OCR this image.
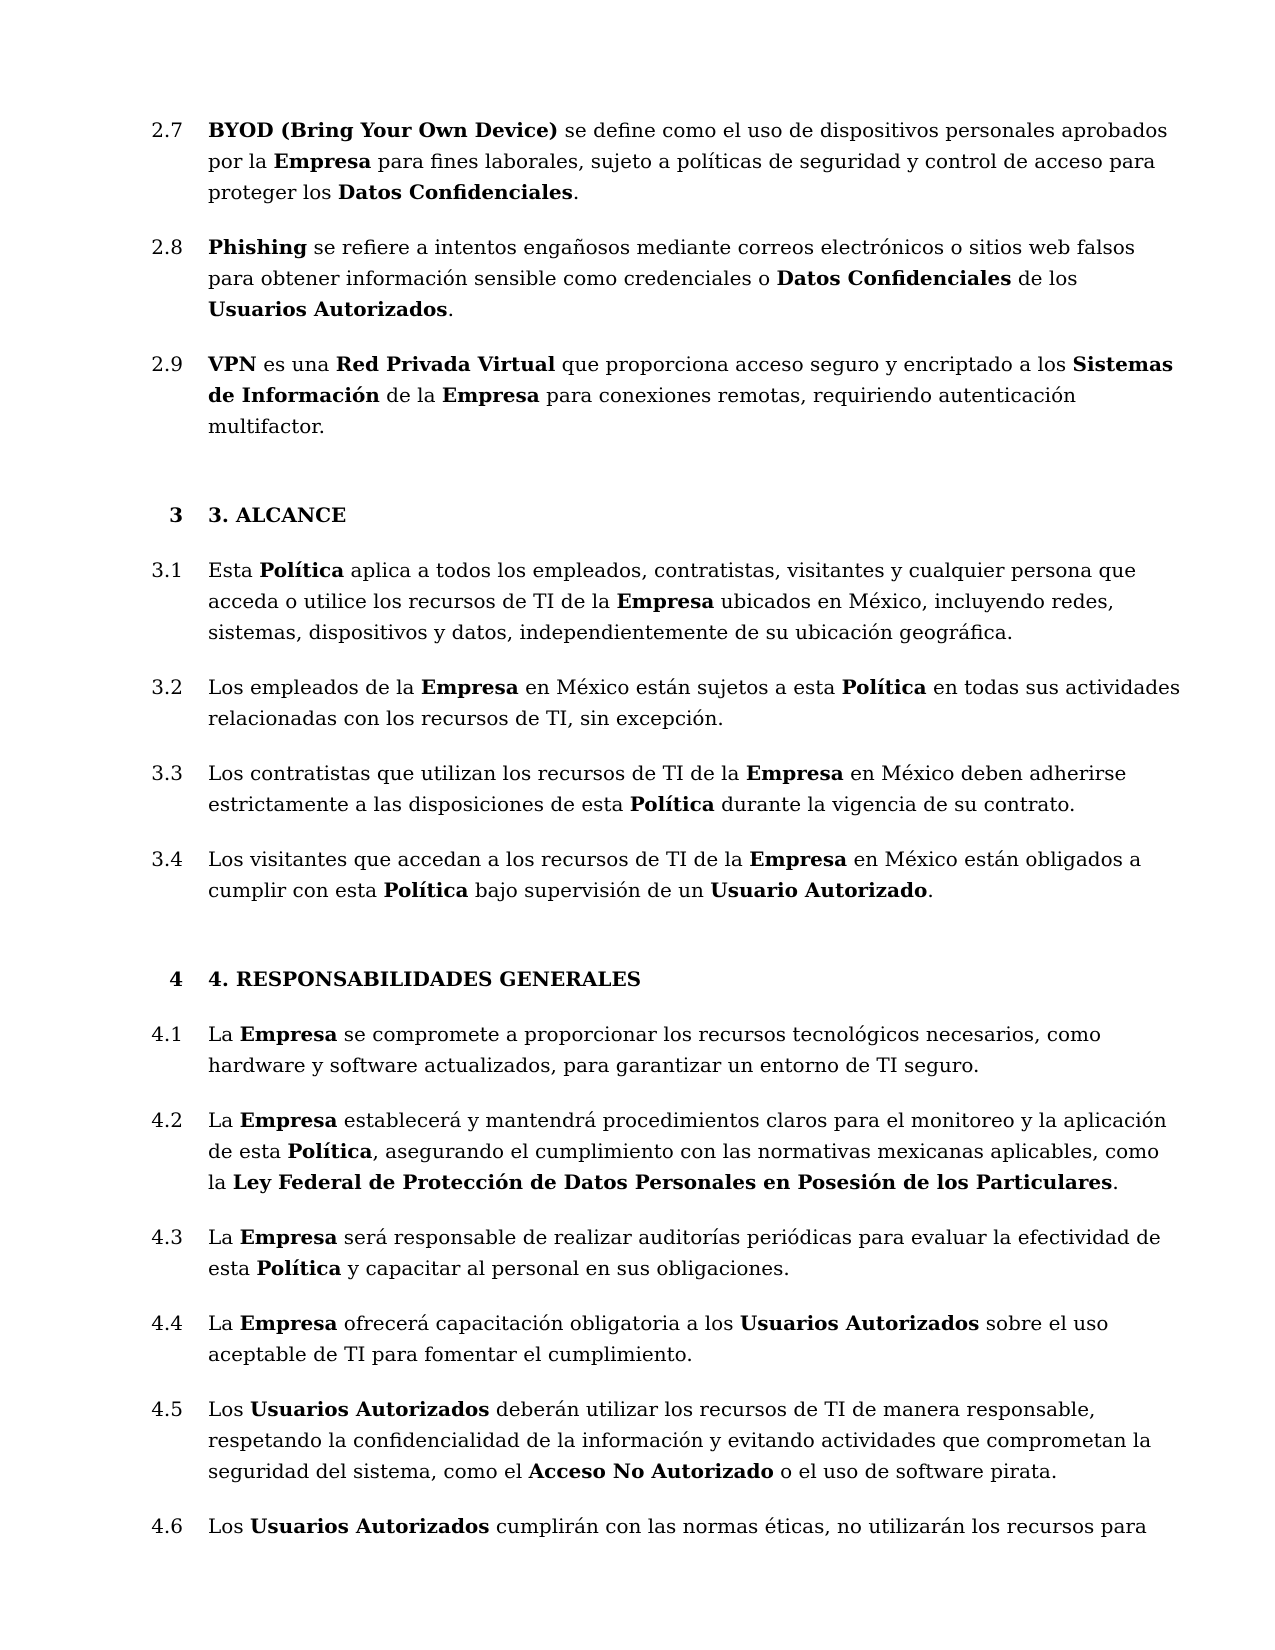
2.7 BYOD (Bring Your Own Device) se define como el uso de dispositivos personales aprobados
por la Empresa para fines laborales, sujeto a políticas de seguridad y control de acceso para
proteger los Datos Confidenciales.
2.8 Phishing se refiere a intentos engañosos mediante correos electrónicos o sitios web falsos
para obtener información sensible como credenciales o Datos Confidenciales de los
Usuarios Autorizados.
2.9 VPN es una Red Privada Virtual que proporciona acceso seguro y encriptado a los Sistemas
de Información de la Empresa para conexiones remotas, requiriendo autenticación
multifactor.
3 3. ALCANCE
3.1 Esta Política aplica a todos los empleados, contratistas, visitantes y cualquier persona que
acceda o utilice los recursos de TI de la Empresa ubicados en México, incluyendo redes,
sistemas, dispositivos y datos, independientemente de su ubicación geográfica.
3.2 Los empleados de la Empresa en México están sujetos a esta Política en todas sus actividades
relacionadas con los recursos de TI, sin excepción.
3.3 Los contratistas que utilizan los recursos de TI de la Empresa en México deben adherirse
estrictamente a las disposiciones de esta Política durante la vigencia de su contrato.
3.4 Los visitantes que accedan a los recursos de TI de la Empresa en México están obligados a
cumplir con esta Política bajo supervisión de un Usuario Autorizado.
4 4. RESPONSABILIDADES GENERALES
4.1 La Empresa se compromete a proporcionar los recursos tecnológicos necesarios, como
hardware y software actualizados, para garantizar un entorno de TI seguro.
4.2 La Empresa establecerá y mantendrá procedimientos claros para el monitoreo y la aplicación
de esta Política, asegurando el cumplimiento con las normativas mexicanas aplicables, como
la Ley Federal de Protección de Datos Personales en Posesión de los Particulares.
4.3 La Empresa será responsable de realizar auditorías periódicas para evaluar la efectividad de
esta Política y capacitar al personal en sus obligaciones.
4.4 La Empresa ofrecerá capacitación obligatoria a los Usuarios Autorizados sobre el uso
aceptable de TI para fomentar el cumplimiento.
4.5 Los Usuarios Autorizados deberán utilizar los recursos de TI de manera responsable,
respetando la confidencialidad de la información y evitando actividades que comprometan la
seguridad del sistema, como el Acceso No Autorizado o el uso de software pirata.
4.6 Los Usuarios Autorizados cumplirán con las normas éticas, no utilizarán los recursos para
